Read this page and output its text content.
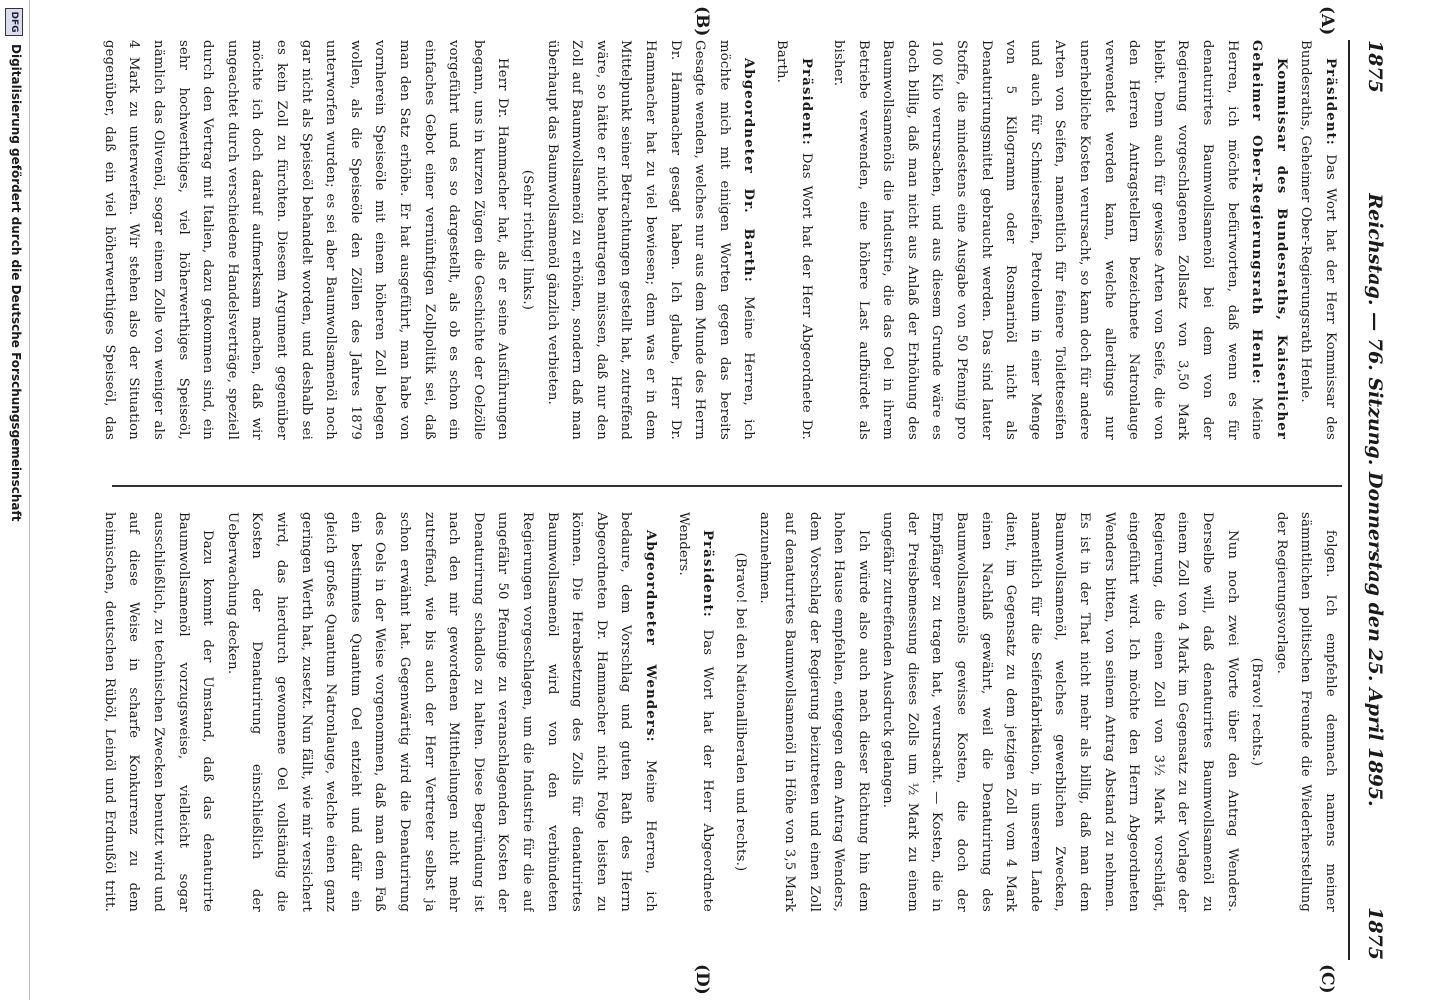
1875
Reichstag. — 76. Sitzung. Donnerstag den 25. April 1895.
1875
(A)
(B)
(C)
(D)

Präsident: Das Wort hat der Herr Kommissar des Bundesraths, Geheimer Ober-Regierungsrath Henle.

Kommissar des Bundesraths, Kaiserlicher Geheimer Ober-Regierungsrath Henle: Meine Herren, ich möchte befürworten, daß wenn es für denaturirtes Baumwollsamenöl bei dem von der Regierung vorgeschlagenen Zollsatz von 3,50 Mark bleibt. Denn auch für gewisse Arten von Seife, die von den Herren Antragstellern bezeichnete Natronlauge verwendet werden kann, welche allerdings nur unerhebliche Kosten verursacht, so kann doch für andere Arten von Seifen, namentlich für feinere Toiletteseifen und auch für Schmierseifen, Petroleum in einer Menge von 5 Kilogramm oder Rosmarinöl nicht als Denaturirungsmittel gebraucht werden. Das sind lauter Stoffe, die mindestens eine Ausgabe von 50 Pfennig pro 100 Kilo verursachen, und aus diesem Grunde wäre es doch billig, daß man nicht aus Anlaß der Erhöhung des Baumwollsamenöls die Industrie, die das Oel in ihrem Betriebe verwenden, eine höhere Last aufbürdet als bisher.

Präsident: Das Wort hat der Herr Abgeordnete Dr. Barth.

Abgeordneter Dr. Barth: Meine Herren, ich möchte mich mit einigen Worten gegen das bereits Gesagte wenden, welches nur aus dem Munde des Herrn Dr. Hammacher gesagt haben. Ich glaube, Herr Dr. Hammacher hat zu viel bewiesen; denn was er in dem Mittelpunkt seiner Betrachtungen gestellt hat, zutreffend wäre, so hätte er nicht beantragen müssen, daß nur den Zoll auf Baumwollsamenöl zu erhöhen, sondern daß man überhaupt das Baumwollsamenöl gänzlich verbieten.

(Sehr richtig! links.)

Herr Dr. Hammacher hat, als er seine Ausführungen begann, uns in kurzen Zügen die Geschichte der Oelzölle vorgeführt und es so dargestellt, als ob es schon ein einfaches Gebot einer vernünftigen Zollpolitik sei, daß man den Satz erhöhe. Er hat ausgeführt, man habe von vornherein Speiseöle mit einem höheren Zoll belegen wollen, als die Speiseöle den Zöllen des Jahres 1879 unterworfen wurden; es sei aber Baumwollsamenöl noch gar nicht als Speiseöl behandelt worden, und deshalb sei es kein Zoll zu fürchten. Diesem Argument gegenüber möchte ich doch darauf aufmerksam machen, daß wir ungeachtet durch verschiedene Handelsverträge, speziell durch den Vertrag mit Italien, dazu gekommen sind, ein sehr hochwerthiges, viel höherwerthiges Speiseöl, nämlich das Olivenöl, sogar einem Zolle von weniger als 4 Mark zu unterwerfen. Wir stehen also der Situation gegenüber, daß ein viel höherwerthiges Speiseöl, das

folgen. Ich empfehle demnach namens meiner sämmtlichen politischen Freunde die Wiederherstellung der Regierungsvorlage.

(Bravo! rechts.)

Nun noch zwei Worte über den Antrag Wenders. Derselbe will, daß denaturirtes Baumwollsamenöl zu einem Zoll von 4 Mark im Gegensatz zu der Vorlage der Regierung, die einen Zoll von 3½ Mark vorschlägt, eingeführt wird. Ich möchte den Herrn Abgeordneten Wenders bitten, von seinem Antrag Abstand zu nehmen. Es ist in der That nicht mehr als billig, daß man dem Baumwollsamenöl, welches gewerblichen Zwecken, namentlich für die Seifenfabrikation, in unserem Lande dient, im Gegensatz zu dem jetzigen Zoll vom 4 Mark einen Nachlaß gewährt, weil die Denaturirung des Baumwollsamenöls gewisse Kosten, die doch der Empfänger zu tragen hat, verursacht. — Kosten, die in der Preisbemessung dieses Zolls um ½ Mark zu einem ungefähr zutreffenden Ausdruck gelangen.

Ich würde also auch nach dieser Richtung hin dem hohen Hause empfehlen, entgegen dem Antrag Wenders, dem Vorschlag der Regierung beizutreten und einen Zoll auf denaturirtes Baumwollsamenöl in Höhe von 3,5 Mark anzunehmen.

(Bravo! bei den Nationalliberalen und rechts.)

Präsident: Das Wort hat der Herr Abgeordnete Wenders.

Abgeordneter Wenders: Meine Herren, ich bedaure, dem Vorschlag und guten Rath des Herrn Abgeordneten Dr. Hammacher nicht Folge leisten zu können. Die Herabsetzung des Zolls für denaturirtes Baumwollsamenöl wird von den verbündeten Regierungen vorgeschlagen, um die Industrie für die auf ungefähr 50 Pfennige zu veranschlagenden Kosten der Denaturirung schadlos zu halten. Diese Begründung ist nach den mir gewordenen Mittheilungen nicht mehr zutreffend, wie bis auch der Herr Vertreter selbst ja schon erwähnt hat. Gegenwärtig wird die Denaturirung des Oels in der Weise vorgenommen, daß man dem Faß ein bestimmtes Quantum Oel entzieht und dafür ein gleich großes Quantum Natronlauge, welche einen ganz geringen Werth hat, zusetzt. Nun fällt, wie mir versichert wird, das hierdurch gewonnene Oel vollständig die Kosten der Denaturirung einschließlich der Ueberwachung decken.

Dazu kommt der Umstand, daß das denaturirte Baumwollsamenöl vorzugsweise, vielleicht sogar ausschließlich, zu technischen Zwecken benutzt wird und auf diese Weise in scharfe Konkurrenz zu dem heimischen, deutschen Rüböl, Leinöl und Erdnußöl tritt.

DFG
Digitalisierung gefördert durch die Deutsche Forschungsgemeinschaft
